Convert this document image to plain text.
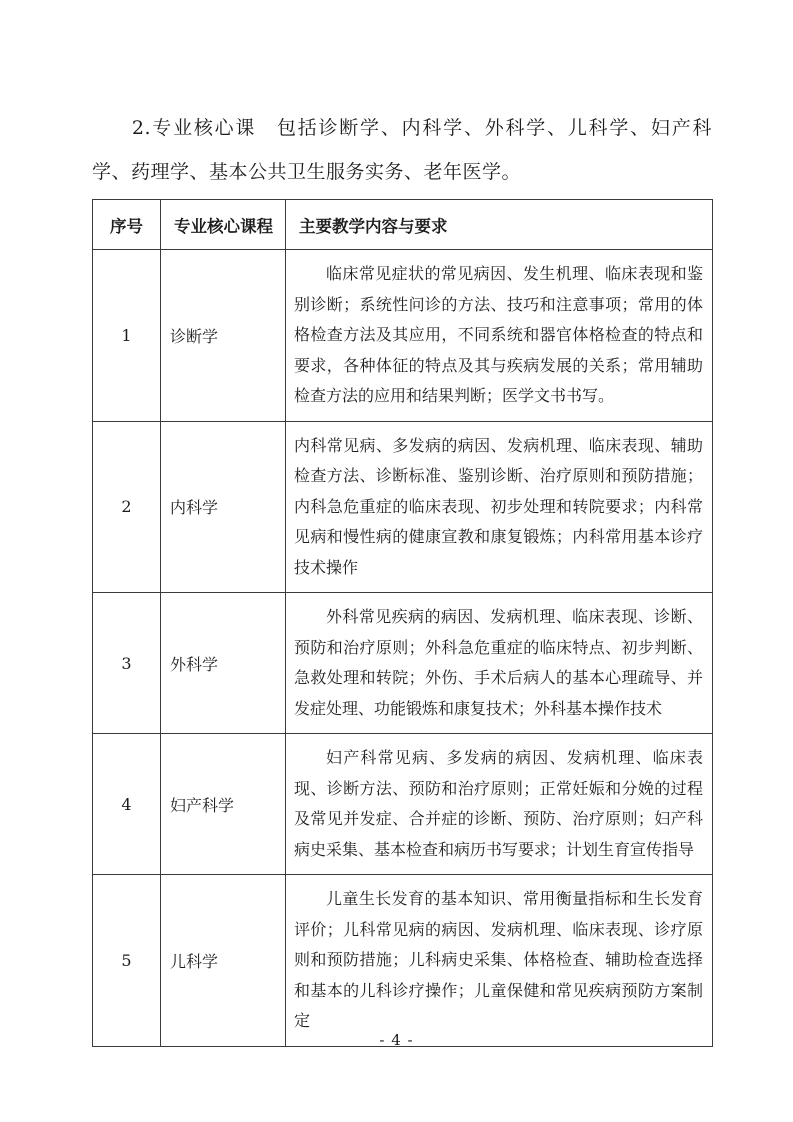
2.专业核心课　包括诊断学、内科学、外科学、儿科学、妇产科学、药理学、基本公共卫生服务实务、老年医学。

序号	专业核心课程	主要教学内容与要求
1	诊断学	临床常见症状的常见病因、发生机理、临床表现和鉴别诊断；系统性问诊的方法、技巧和注意事项；常用的体格检查方法及其应用，不同系统和器官体格检查的特点和要求，各种体征的特点及其与疾病发展的关系；常用辅助检查方法的应用和结果判断；医学文书书写。

2	内科学	内科常见病、多发病的病因、发病机理、临床表现、辅助检查方法、诊断标准、鉴别诊断、治疗原则和预防措施；内科急危重症的临床表现、初步处理和转院要求；内科常　见病和慢性病的健康宣教和康复锻炼；内科常用基本诊疗技术操作

3	外科学	外科常见疾病的病因、发病机理、临床表现、诊断、预防和治疗原则；外科急危重症的临床特点、初步判断、急救处理和转院；外伤、手术后病人的基本心理疏导、并发症处理、功能锻炼和康复技术；外科基本操作技术

4	妇产科学	妇产科常见病、多发病的病因、发病机理、临床表现、诊断方法、预防和治疗原则；正常妊娠和分娩的过程及常见并发症、合并症的诊断、预防、治疗原则；妇产科病史采集、基本检查和病历书写要求；计划生育宣传指导

5	儿科学	儿童生长发育的基本知识、常用衡量指标和生长发育评价；儿科常见病的病因、发病机理、临床表现、诊疗原则和预防措施；儿科病史采集、体格检查、辅助检查选择和基本的儿科诊疗操作；儿童保健和常见疾病预防方案制定
- 4 -
